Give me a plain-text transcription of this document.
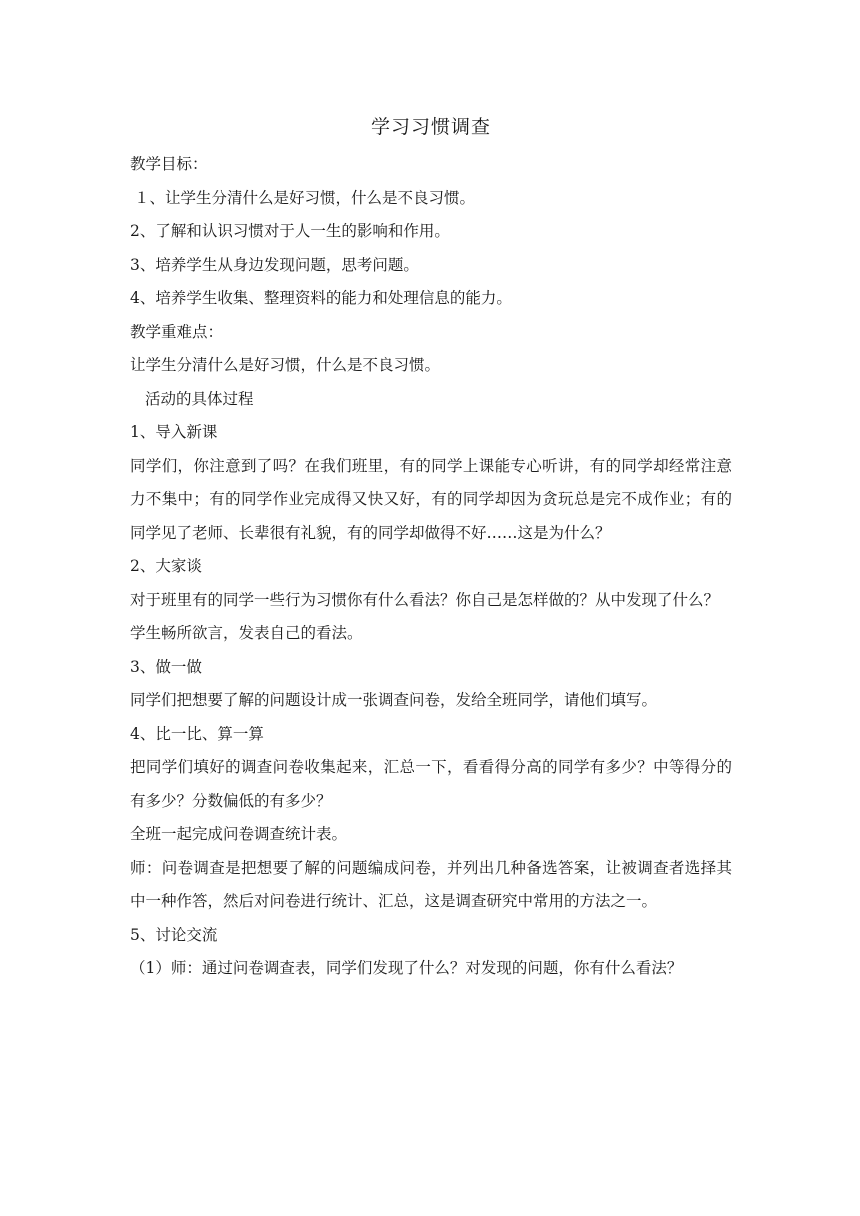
学习习惯调查

教学目标：

１、让学生分清什么是好习惯，什么是不良习惯。

2、了解和认识习惯对于人一生的影响和作用。

3、培养学生从身边发现问题，思考问题。

4、培养学生收集、整理资料的能力和处理信息的能力。

教学重难点：

让学生分清什么是好习惯，什么是不良习惯。

活动的具体过程

1、导入新课

同学们，你注意到了吗？在我们班里，有的同学上课能专心听讲，有的同学却经常注意力不集中；有的同学作业完成得又快又好，有的同学却因为贪玩总是完不成作业；有的同学见了老师、长辈很有礼貌，有的同学却做得不好……这是为什么？

2、大家谈

对于班里有的同学一些行为习惯你有什么看法？你自己是怎样做的？从中发现了什么？

学生畅所欲言，发表自己的看法。

3、做一做

同学们把想要了解的问题设计成一张调查问卷，发给全班同学，请他们填写。

4、比一比、算一算

把同学们填好的调查问卷收集起来，汇总一下，看看得分高的同学有多少？中等得分的有多少？分数偏低的有多少？

全班一起完成问卷调查统计表。

师：问卷调查是把想要了解的问题编成问卷，并列出几种备选答案，让被调查者选择其中一种作答，然后对问卷进行统计、汇总，这是调查研究中常用的方法之一。

5、讨论交流

（1）师：通过问卷调查表，同学们发现了什么？对发现的问题，你有什么看法？
